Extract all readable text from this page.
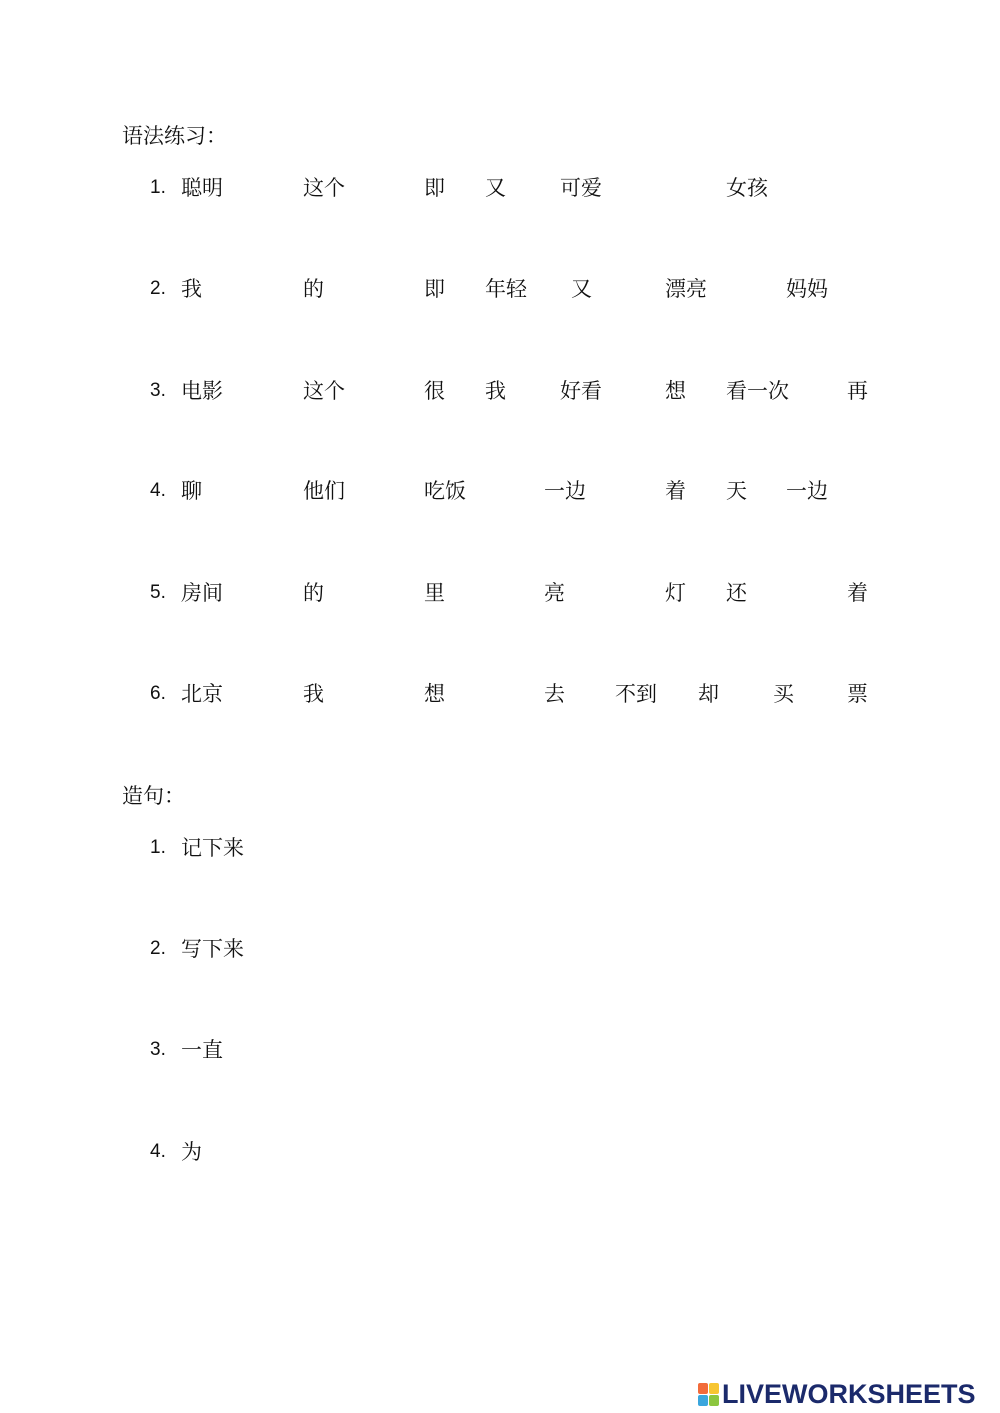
语法练习：
1. 聪明	这个	即 又	可爱	女孩
2. 我	的	即 年轻 又	漂亮	妈妈
3. 电影	这个	很 我	好看	想 看一次	再
4. 聊	他们	吃饭	一边	着 天 一边
5. 房间	的	里	亮	灯 还	着
6. 北京	我	想	去 不到 却	买	票
造句：
1. 记下来
2. 写下来
3. 一直
4. 为
LIVEWORKSHEETS
